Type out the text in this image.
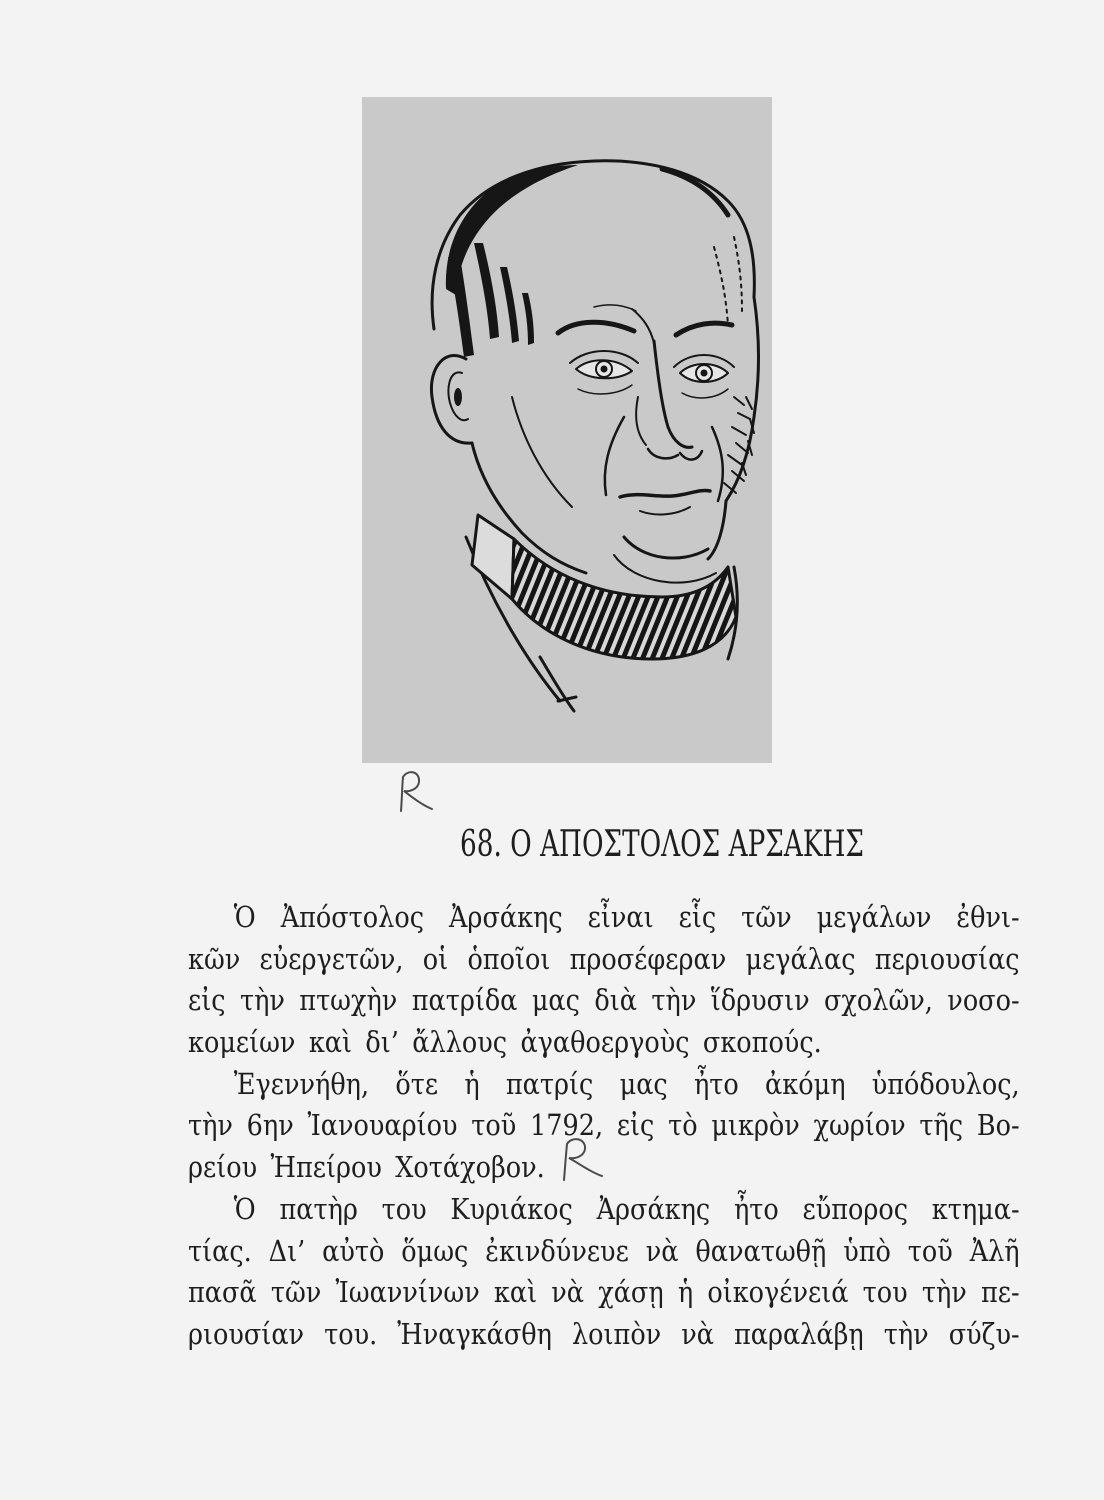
68. Ο ΑΠΟΣΤΟΛΟΣ ΑΡΣΑΚΗΣ
Ὁ Ἀπόστολος Ἀρσάκης εἶναι εἷς τῶν μεγάλων ἐθνι-
κῶν εὐεργετῶν, οἱ ὁποῖοι προσέφεραν μεγάλας περιουσίας
εἰς τὴν πτωχὴν πατρίδα μας διὰ τὴν ἵδρυσιν σχολῶν, νοσο-
κομείων καὶ δι’ ἄλλους ἀγαθοεργοὺς σκοπούς.
Ἐγεννήθη, ὅτε ἡ πατρίς μας ἦτο ἀκόμη ὑπόδουλος,
τὴν 6ην Ἰανουαρίου τοῦ 1792, εἰς τὸ μικρὸν χωρίον τῆς Βο-
ρείου Ἠπείρου Χοτάχοβον.
Ὁ πατὴρ του Κυριάκος Ἀρσάκης ἦτο εὔπορος κτημα-
τίας. Δι’ αὐτὸ ὅμως ἐκινδύνευε νὰ θανατωθῇ ὑπὸ τοῦ Ἀλῆ
πασᾶ τῶν Ἰωαννίνων καὶ νὰ χάσῃ ἡ οἰκογένειά του τὴν πε-
ριουσίαν του. Ἠναγκάσθη λοιπὸν νὰ παραλάβῃ τὴν σύζυ-
